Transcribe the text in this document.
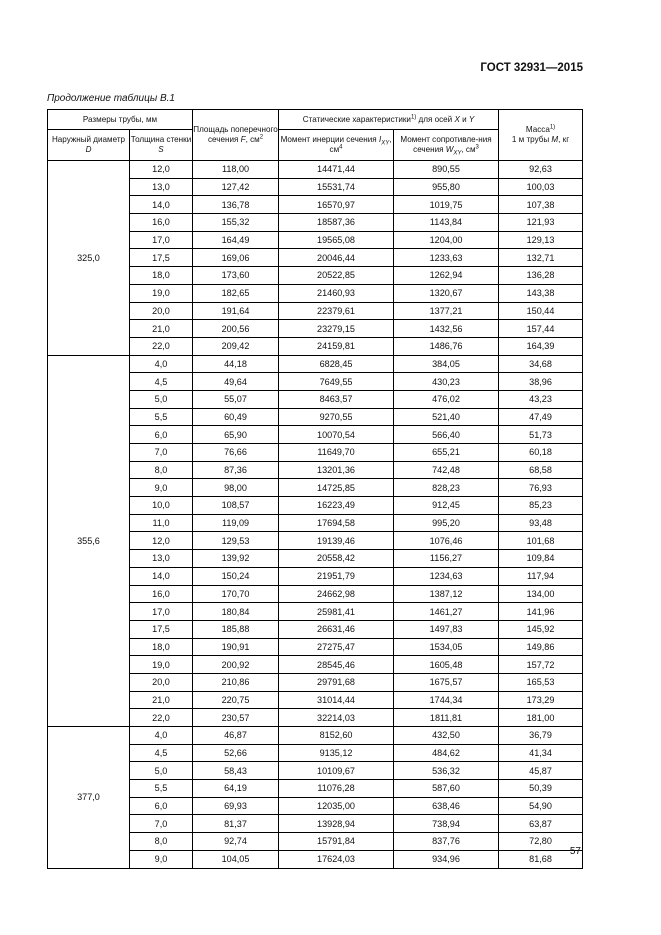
ГОСТ 32931—2015
Продолжение таблицы В.1
Размеры трубы, мм		Площадь поперечного сечения F, $см^2$	Статические характеристики$^{1)}$ для осей X и Y		Масса$^{1)}$
1 м трубы M, кг
Наружный диаметр D	Толщина стенки S		Момент инерции сечения $I_{XY}$, $см^4$	Момент сопротивле-ния сечения $W_{XY}$, $см^3$
325,0	12,0	118,00	14471,44	890,55	92,63
	13,0	127,42	15531,74	955,80	100,03
	14,0	136,78	16570,97	1019,75	107,38
	16,0	155,32	18587,36	1143,84	121,93
	17,0	164,49	19565,08	1204,00	129,13
	17,5	169,06	20046,44	1233,63	132,71
	18,0	173,60	20522,85	1262,94	136,28
	19,0	182,65	21460,93	1320,67	143,38
	20,0	191,64	22379,61	1377,21	150,44
	21,0	200,56	23279,15	1432,56	157,44
	22,0	209,42	24159,81	1486,76	164,39
355,6	4,0	44,18	6828,45	384,05	34,68
	4,5	49,64	7649,55	430,23	38,96
	5,0	55,07	8463,57	476,02	43,23
	5,5	60,49	9270,55	521,40	47,49
	6,0	65,90	10070,54	566,40	51,73
	7,0	76,66	11649,70	655,21	60,18
	8,0	87,36	13201,36	742,48	68,58
	9,0	98,00	14725,85	828,23	76,93
	10,0	108,57	16223,49	912,45	85,23
	11,0	119,09	17694,58	995,20	93,48
	12,0	129,53	19139,46	1076,46	101,68
	13,0	139,92	20558,42	1156,27	109,84
	14,0	150,24	21951,79	1234,63	117,94
	16,0	170,70	24662,98	1387,12	134,00
	17,0	180,84	25981,41	1461,27	141,96
	17,5	185,88	26631,46	1497,83	145,92
	18,0	190,91	27275,47	1534,05	149,86
	19,0	200,92	28545,46	1605,48	157,72
	20,0	210,86	29791,68	1675,57	165,53
	21,0	220,75	31014,44	1744,34	173,29
	22,0	230,57	32214,03	1811,81	181,00
377,0	4,0	46,87	8152,60	432,50	36,79
	4,5	52,66	9135,12	484,62	41,34
	5,0	58,43	10109,67	536,32	45,87
	5,5	64,19	11076,28	587,60	50,39
	6,0	69,93	12035,00	638,46	54,90
	7,0	81,37	13928,94	738,94	63,87
	8,0	92,74	15791,84	837,76	72,80
	9,0	104,05	17624,03	934,96	81,68
57
